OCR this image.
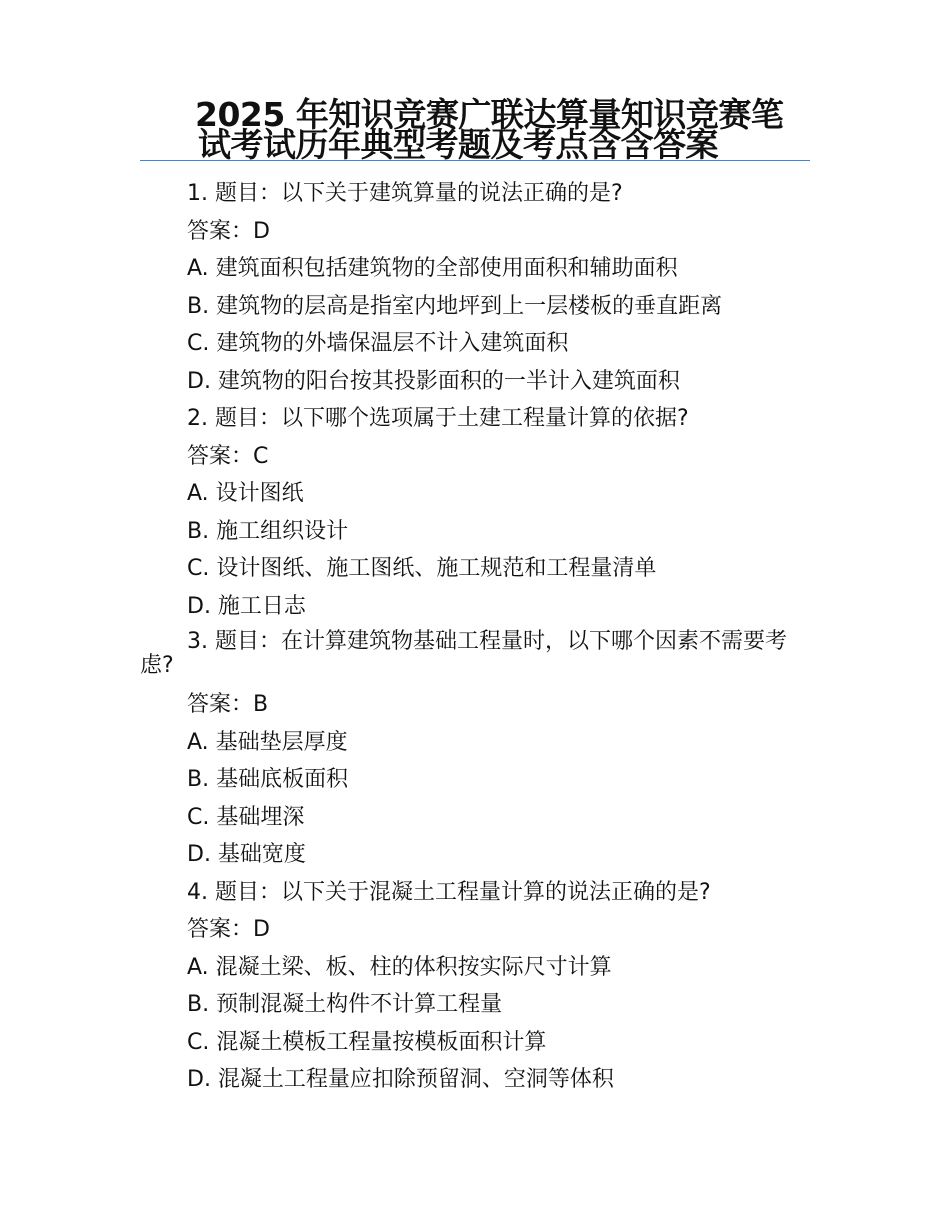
2025 年知识竞赛广联达算量知识竞赛笔
试考试历年典型考题及考点含含答案
1. 题目：以下关于建筑算量的说法正确的是?
答案：D
A. 建筑面积包括建筑物的全部使用面积和辅助面积
B. 建筑物的层高是指室内地坪到上一层楼板的垂直距离
C. 建筑物的外墙保温层不计入建筑面积
D. 建筑物的阳台按其投影面积的一半计入建筑面积
2. 题目：以下哪个选项属于土建工程量计算的依据?
答案：C
A. 设计图纸
B. 施工组织设计
C. 设计图纸、施工图纸、施工规范和工程量清单
D. 施工日志
3. 题目：在计算建筑物基础工程量时，以下哪个因素不需要考虑?
答案：B
A. 基础垫层厚度
B. 基础底板面积
C. 基础埋深
D. 基础宽度
4. 题目：以下关于混凝土工程量计算的说法正确的是?
答案：D
A. 混凝土梁、板、柱的体积按实际尺寸计算
B. 预制混凝土构件不计算工程量
C. 混凝土模板工程量按模板面积计算
D. 混凝土工程量应扣除预留洞、空洞等体积
